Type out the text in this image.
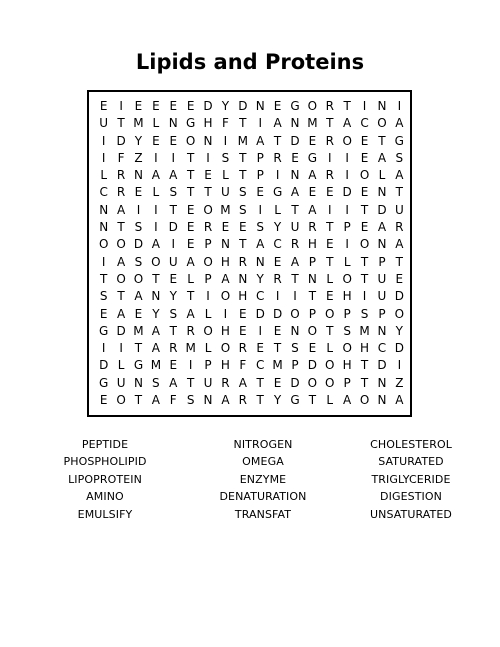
Lipids and Proteins
E I E E E E D Y D N E G O R T I N I
U T M L N G H F T I A N M T A C O A
I D Y E E O N I M A T D E R O E T G
I	F Z I	I T I S T P R E G I	I E A S
L R N A A T E L T P	I N A R I O L A
C R E L S T T U S E G A E E D E N T
N A I	I T E O M S I	L T A I	I T D U
N T S I D E R E E S Y U R T P E A R
O O D A I E P N T A C R H E I O N A
I A S O U A O H R N E A P T L T P T
T O O T E L P A N Y R T N L O T U E
S T A N Y T I O H C I	I T E H I U D
E A E Y S A L	I E D D O P O P S P O
G D M A T R O H E I E N O T S M N Y
I	I T A R M L O R E T S E L O H C D
D L G M E I P H F C M P D O H T D I
G U N S A T U R A T E D O O P T N Z
E O T A F S N A R T Y G T L A O N A
PEPTIDE	NITROGEN	CHOLESTEROL
PHOSPHOLIPID	OMEGA	SATURATED
LIPOPROTEIN	ENZYME	TRIGLYCERIDE
AMINO	DENATURATION	DIGESTION
EMULSIFY	TRANSFAT	UNSATURATED
